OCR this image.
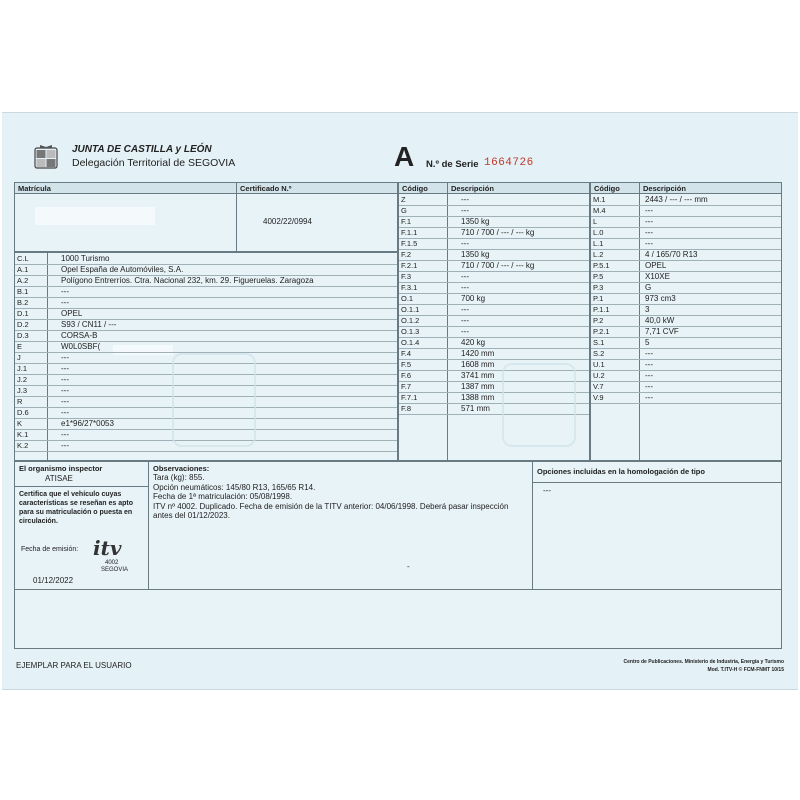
JUNTA DE CASTILLA y LEÓN
Delegación Territorial de SEGOVIA	A N.º de Serie 1664726
Matrícula	Certificado N.º
4002/22/0994
C.L	1000 Turismo
A.1	Opel España de Automóviles, S.A.
A.2	Polígono Entrerríos. Ctra. Nacional 232, km. 29. Figueruelas. Zaragoza
B.1	---
B.2	---
D.1	OPEL
D.2	S93 / CN11 / ---
D.3	CORSA-B
E	W0L0SBF(
J	---
J.1	---
J.2	---
J.3	---
R	---
D.6	---
K	e1*96/27*0053
K.1	---
K.2	---
Código	Descripción
Z	---
G	---
F.1	1350 kg
F.1.1	710 / 700 / --- / --- kg
F.1.5	---
F.2	1350 kg
F.2.1	710 / 700 / --- / --- kg
F.3	---
F.3.1	---
O.1	700 kg
O.1.1	---
O.1.2	---
O.1.3	---
O.1.4	420 kg
F.4	1420 mm
F.5	1608 mm
F.6	3741 mm
F.7	1387 mm
F.7.1	1388 mm
F.8	571 mm
Código	Descripción
M.1	2443 / --- / --- mm
M.4	---
L	---
L.0	---
L.1	---
L.2	4 / 165/70 R13
P.5.1	OPEL
P.5	X10XE
P.3	G
P.1	973 cm3
P.1.1	3
P.2	40,0 kW
P.2.1	7,71 CVF
S.1	5
S.2	---
U.1	---
U.2	---
V.7	---
V.9	---
El organismo inspector
ATISAE
Certifica que el vehículo cuyas características se reseñan es apto para su matriculación o puesta en circulación.
Fecha de emisión: itv
4002
SEGOVIA
01/12/2022
Observaciones:
Tara (kg): 855.
Opción neumáticos: 145/80 R13, 165/65 R14.
Fecha de 1ª matriculación: 05/08/1998.
ITV nº 4002. Duplicado. Fecha de emisión de la TITV anterior: 04/06/1998. Deberá pasar inspección
antes del 01/12/2023.
-
Opciones incluidas en la homologación de tipo
---
EJEMPLAR PARA EL USUARIO	Centro de Publicaciones. Ministerio de Industria, Energía y Turismo
Mod. T.ITV-H © FCM-FNMT 10/15
